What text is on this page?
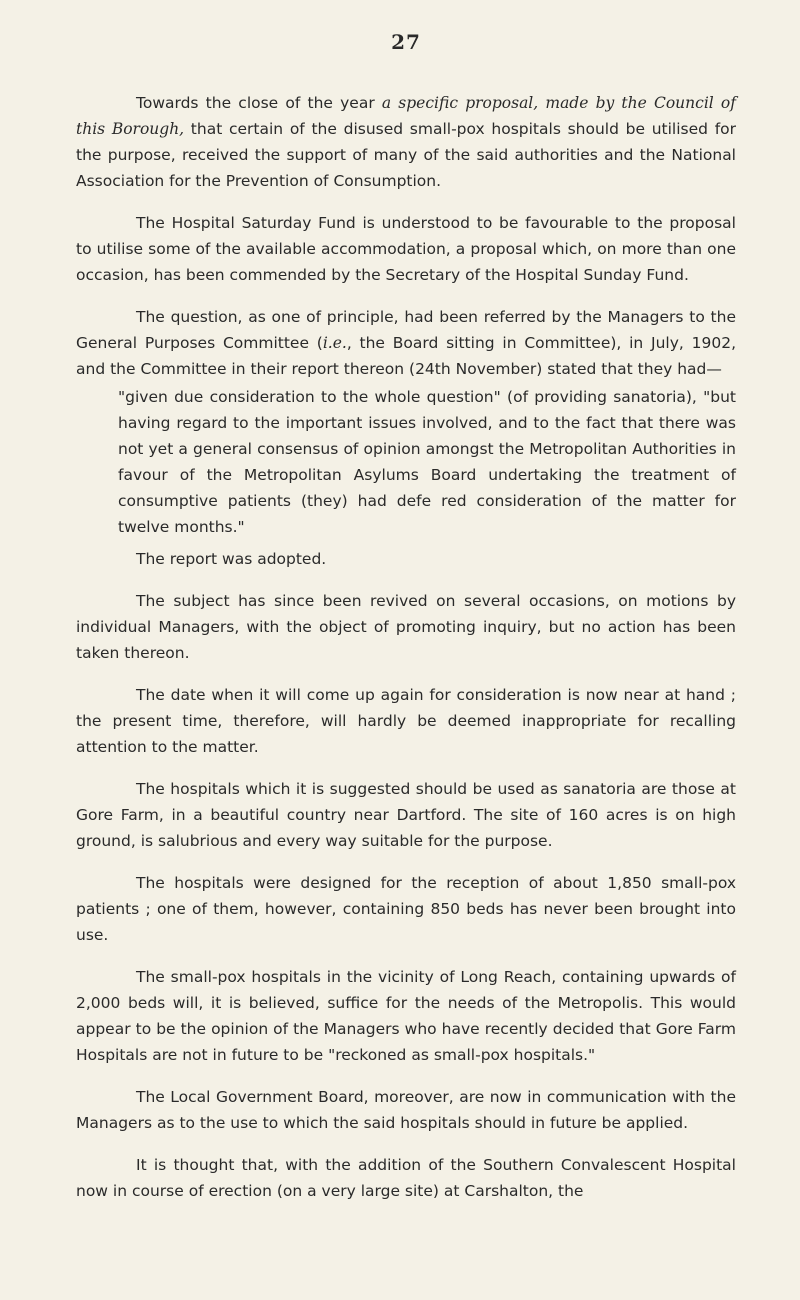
27

Towards the close of the year a specific proposal, made by the Council of this Borough, that certain of the disused small-pox hospitals should be utilised for the purpose, received the support of many of the said authorities and the National Association for the Prevention of Consumption.

The Hospital Saturday Fund is understood to be favourable to the proposal to utilise some of the available accommodation, a proposal which, on more than one occasion, has been commended by the Secretary of the Hospital Sunday Fund.

The question, as one of principle, had been referred by the Managers to the General Purposes Committee (i.e., the Board sitting in Committee), in July, 1902, and the Committee in their report thereon (24th November) stated that they had—

"given due consideration to the whole question" (of providing sanatoria), "but having regard to the important issues involved, and to the fact that there was not yet a general consensus of opinion amongst the Metropolitan Authorities in favour of the Metropolitan Asylums Board undertaking the treatment of consumptive patients (they) had defe red consideration of the matter for twelve months."

The report was adopted.

The subject has since been revived on several occasions, on motions by individual Managers, with the object of promoting inquiry, but no action has been taken thereon.

The date when it will come up again for consideration is now near at hand ; the present time, therefore, will hardly be deemed inappropriate for recalling attention to the matter.

The hospitals which it is suggested should be used as sanatoria are those at Gore Farm, in a beautiful country near Dartford. The site of 160 acres is on high ground, is salubrious and every way suitable for the purpose.

The hospitals were designed for the reception of about 1,850 small-pox patients ; one of them, however, containing 850 beds has never been brought into use.

The small-pox hospitals in the vicinity of Long Reach, containing upwards of 2,000 beds will, it is believed, suffice for the needs of the Metropolis. This would appear to be the opinion of the Managers who have recently decided that Gore Farm Hospitals are not in future to be "reckoned as small-pox hospitals."

The Local Government Board, moreover, are now in communication with the Managers as to the use to which the said hospitals should in future be applied.

It is thought that, with the addition of the Southern Convalescent Hospital now in course of erection (on a very large site) at Carshalton, the
